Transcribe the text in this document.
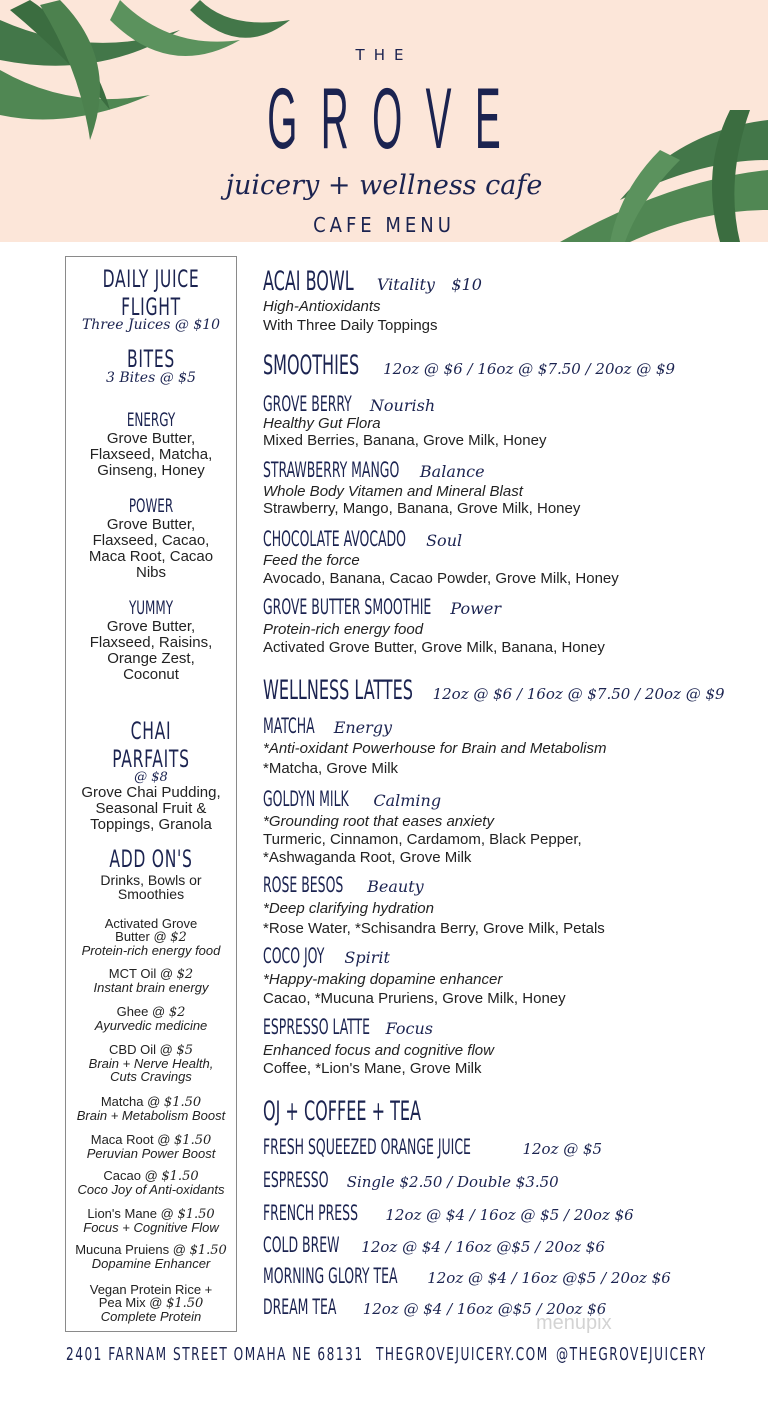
THE
GROVE
juicery + wellness cafe
CAFE MENU
DAILY JUICE FLIGHT
Three Juices @ $10
BITES
3 Bites @ $5
ENERGY
Grove Butter, Flaxseed, Matcha, Ginseng, Honey
POWER
Grove Butter, Flaxseed, Cacao, Maca Root, Cacao Nibs
YUMMY
Grove Butter, Flaxseed, Raisins, Orange Zest, Coconut
CHAI PARFAITS
@ $8
Grove Chai Pudding, Seasonal Fruit & Toppings, Granola
ADD ON'S
Drinks, Bowls or Smoothies
Activated Grove Butter @ $2
Protein-rich energy food
MCT Oil @ $2
Instant brain energy
Ghee @ $2
Ayurvedic medicine
CBD Oil @ $5
Brain + Nerve Health, Cuts Cravings
Matcha @ $1.50
Brain + Metabolism Boost
Maca Root @ $1.50
Peruvian Power Boost
Cacao @ $1.50
Coco Joy of Anti-oxidants
Lion's Mane @ $1.50
Focus + Cognitive Flow
Mucuna Pruiens @ $1.50
Dopamine Enhancer
Vegan Protein Rice + Pea Mix @ $1.50
Complete Protein
ACAI BOWL Vitality $10
High-Antioxidants
With Three Daily Toppings
SMOOTHIES 12oz @ $6 / 16oz @ $7.50 / 20oz @ $9
GROVE BERRY Nourish
Healthy Gut Flora
Mixed Berries, Banana, Grove Milk, Honey
STRAWBERRY MANGO Balance
Whole Body Vitamen and Mineral Blast
Strawberry, Mango, Banana, Grove Milk, Honey
CHOCOLATE AVOCADO Soul
Feed the force
Avocado, Banana, Cacao Powder, Grove Milk, Honey
GROVE BUTTER SMOOTHIE Power
Protein-rich energy food
Activated Grove Butter, Grove Milk, Banana, Honey
WELLNESS LATTES 12oz @ $6 / 16oz @ $7.50 / 20oz @ $9
MATCHA Energy
*Anti-oxidant Powerhouse for Brain and Metabolism
*Matcha, Grove Milk
GOLDYN MILK Calming
*Grounding root that eases anxiety
Turmeric, Cinnamon, Cardamom, Black Pepper,
*Ashwaganda Root, Grove Milk
ROSE BESOS Beauty
*Deep clarifying hydration
*Rose Water, *Schisandra Berry, Grove Milk, Petals
COCO JOY Spirit
*Happy-making dopamine enhancer
Cacao, *Mucuna Pruriens, Grove Milk, Honey
ESPRESSO LATTE Focus
Enhanced focus and cognitive flow
Coffee, *Lion's Mane, Grove Milk
OJ + COFFEE + TEA
FRESH SQUEEZED ORANGE JUICE	12oz @ $5
ESPRESSO Single $2.50 / Double $3.50
FRENCH PRESS 12oz @ $4 / 16oz @ $5 / 20oz $6
COLD BREW 12oz @ $4 / 16oz @$5 / 20oz $6
MORNING GLORY TEA 12oz @ $4 / 16oz @$5 / 20oz $6
DREAM TEA 12oz @ $4 / 16oz @$5 / 20oz $6
menupix
2401 FARNAM STREET OMAHA NE 68131 THEGROVEJUICERY.COM @THEGROVEJUICERY
